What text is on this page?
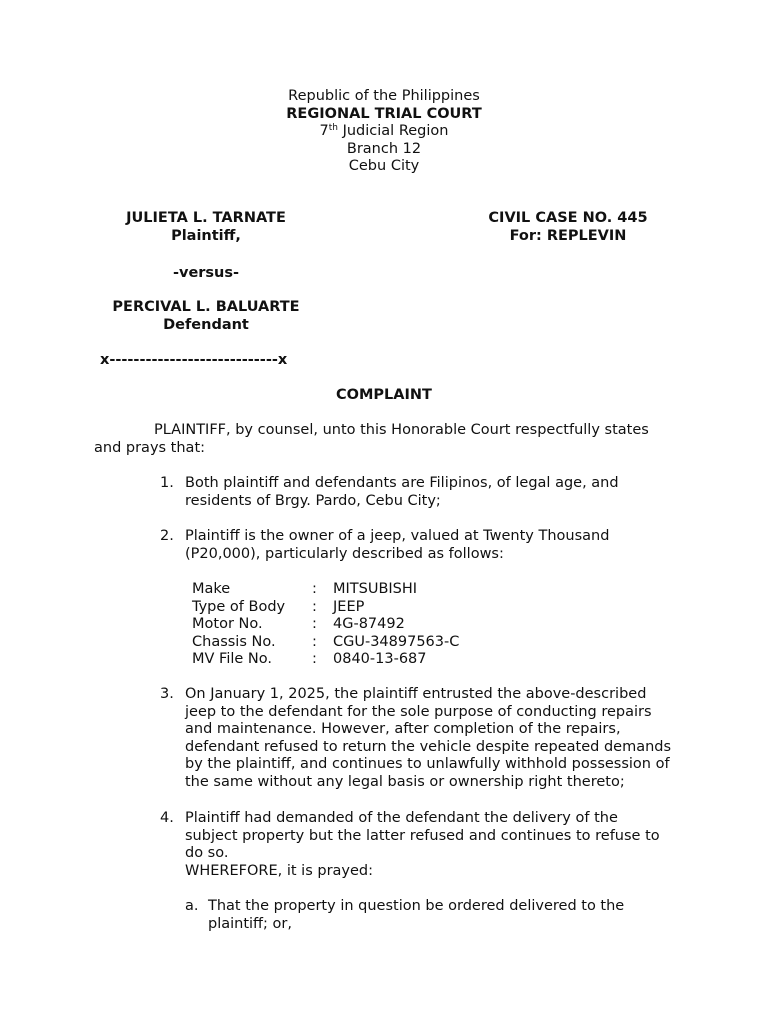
Republic of the Philippines
REGIONAL TRIAL COURT
7th Judicial Region
Branch 12
Cebu City
JULIETA L. TARNATE
Plaintiff,
CIVIL CASE NO. 445
For: REPLEVIN
-versus-
PERCIVAL L. BALUARTE
Defendant
x----------------------------x
COMPLAINT
PLAINTIFF, by counsel, unto this Honorable Court respectfully states and prays that:
1. Both plaintiff and defendants are Filipinos, of legal age, and residents of Brgy. Pardo, Cebu City;
2. Plaintiff is the owner of a jeep, valued at Twenty Thousand (P20,000), particularly described as follows:
Make	:	MITSUBISHI
Type of Body	:	JEEP
Motor No.	:	4G-87492
Chassis No.	:	CGU-34897563-C
MV File No.	:	0840-13-687
3. On January 1, 2025, the plaintiff entrusted the above-described jeep to the defendant for the sole purpose of conducting repairs and maintenance. However, after completion of the repairs, defendant refused to return the vehicle despite repeated demands by the plaintiff, and continues to unlawfully withhold possession of the same without any legal basis or ownership right thereto;
4. Plaintiff had demanded of the defendant the delivery of the subject property but the latter refused and continues to refuse to do so.
WHEREFORE, it is prayed:
a. That the property in question be ordered delivered to the plaintiff; or,
